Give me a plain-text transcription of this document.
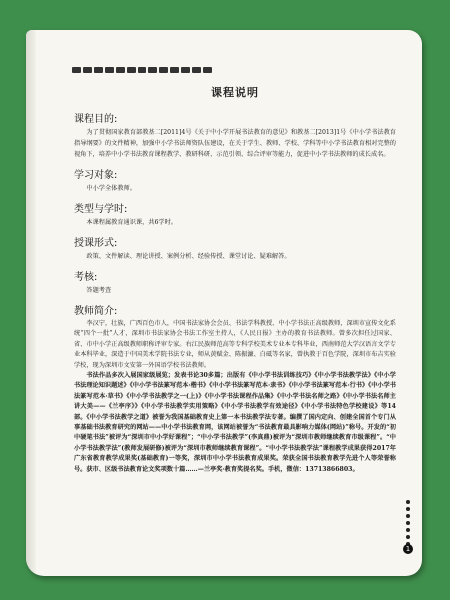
课程说明
课程目的:

为了贯彻国家教育部教基二[2011]4号《关于中小学开展书法教育的意见》和教基二[2013]1号《中小学书法教育指导纲要》的文件精神，加强中小学书法师资队伍建设，在关于学生、教师、学校、学科等中小学书法教育相对完整的视角下，培养中小学书法教育课程教学、教研科研、示范引领、综合评审等能力，促进中小学书法教师的成长成名。

学习对象:

中小学全体教师。

类型与学时:

本课程属教育通识课，共6学时。

授课形式:

政策、文件解读、理论讲授、案例分析、经验传授、课堂讨论、疑难解答。

考核:

答题考查

教师简介:

李汉宁，壮族，广西百色市人，中国书法家协会会员、书法学科教授、中小学书法正高级教师，深圳市宣传文化系统“四个一批”人才，深圳市书法家协会书法工作室主持人，《人民日报》主办的教育书法教师。曾多次担任过国家、省、市中小学正高级教师职称评审专家。右江民族师范高等专科学校美术专业本专科毕业，西南师范大学汉语言文学专业本科毕业，深造于中国美术学院书法专业，师从黄赋金、陈振濂、白砥等名家，曾执教于百色学院，深圳市布吉实验学校，现为深圳市文安第一外国语学校书法教师。

书法作品多次入展国家级展览；发表书论30多篇；出版有《中小学书法训练技巧》《中小学书法教学法》《中小学书法理论知识题述》《中小学书法篆写范本·楷书》《中小学书法篆写范本·隶书》《中小学书法篆写范本·行书》《中小学书法篆写范本·草书》《中小学书法教学之一(上)》《中小学书法课程作品集》《中小学书法名师之路》《中小学书法名师主讲大美——《兰亭序》》《中小学书法教学实用策略》《中小学书法教学有效途径》《中小学书法特色学校建设》等14部。《中小学书法教学之道》被誉为我国基础教育史上第一本书法教学法专著。编撰了国内定向、创建全国首个专门从事基础书法教育研究的网站——中小学书法教育网，该网站被誉为“书法教育最具影响力媒体(网站)”称号。开发的“初中硬笔书法”被评为“深圳市中小学好课程”；“中小学书法教学”(李真鼎)被评为“深圳市教师继续教育市级课程”。“中小学书法教学法”(教师发展研修)被评为“深圳市教师继续教育课程”。“中小学书法教学法”课程教学成果获得2017年广东省教育教学成果奖(基础教育)一等奖，深圳市中小学书法教育成果奖。荣获全国书法教育教学先进个人等荣誉称号。获市、区级书法教育论文奖项数十篇……—兰亭奖·教育奖提名奖。手机，微信：13713866803。

1
